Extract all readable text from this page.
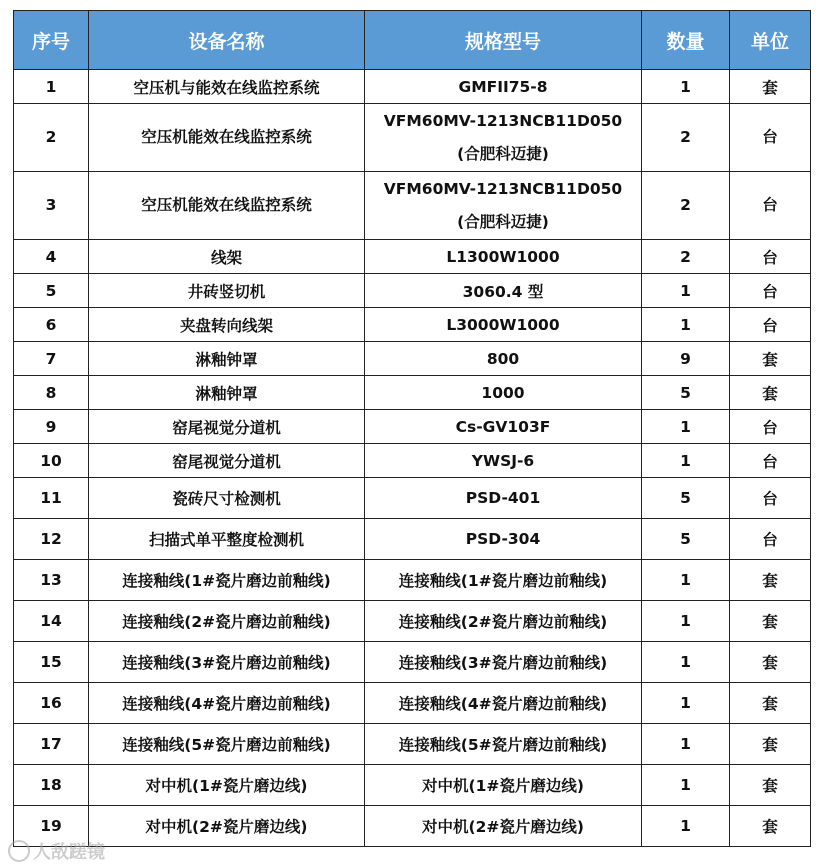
序号	设备名称	规格型号	数量	单位
1	空压机与能效在线监控系统	GMFII75-8	1	套
2	空压机能效在线监控系统	VFM60MV-1213NCB11D050
(合肥科迈捷)	2	台
3	空压机能效在线监控系统	VFM60MV-1213NCB11D050
(合肥科迈捷)	2	台
4	线架	L1300W1000	2	台
5	井砖竖切机	3060.4 型	1	台
6	夹盘转向线架	L3000W1000	1	台
7	淋釉钟罩	800	9	套
8	淋釉钟罩	1000	5	套
9	窑尾视觉分道机	Cs-GV103F	1	台
10	窑尾视觉分道机	YWSJ-6	1	台
11	瓷砖尺寸检测机	PSD-401	5	台
12	扫描式单平整度检测机	PSD-304	5	台
13	连接釉线(1#瓷片磨边前釉线)	连接釉线(1#瓷片磨边前釉线)	1	套
14	连接釉线(2#瓷片磨边前釉线)	连接釉线(2#瓷片磨边前釉线)	1	套
15	连接釉线(3#瓷片磨边前釉线)	连接釉线(3#瓷片磨边前釉线)	1	套
16	连接釉线(4#瓷片磨边前釉线)	连接釉线(4#瓷片磨边前釉线)	1	套
17	连接釉线(5#瓷片磨边前釉线)	连接釉线(5#瓷片磨边前釉线)	1	套
18	对中机(1#瓷片磨边线)	对中机(1#瓷片磨边线)	1	套
19	对中机(2#瓷片磨边线)	对中机(2#瓷片磨边线)	1	套
人敌蹉镜
